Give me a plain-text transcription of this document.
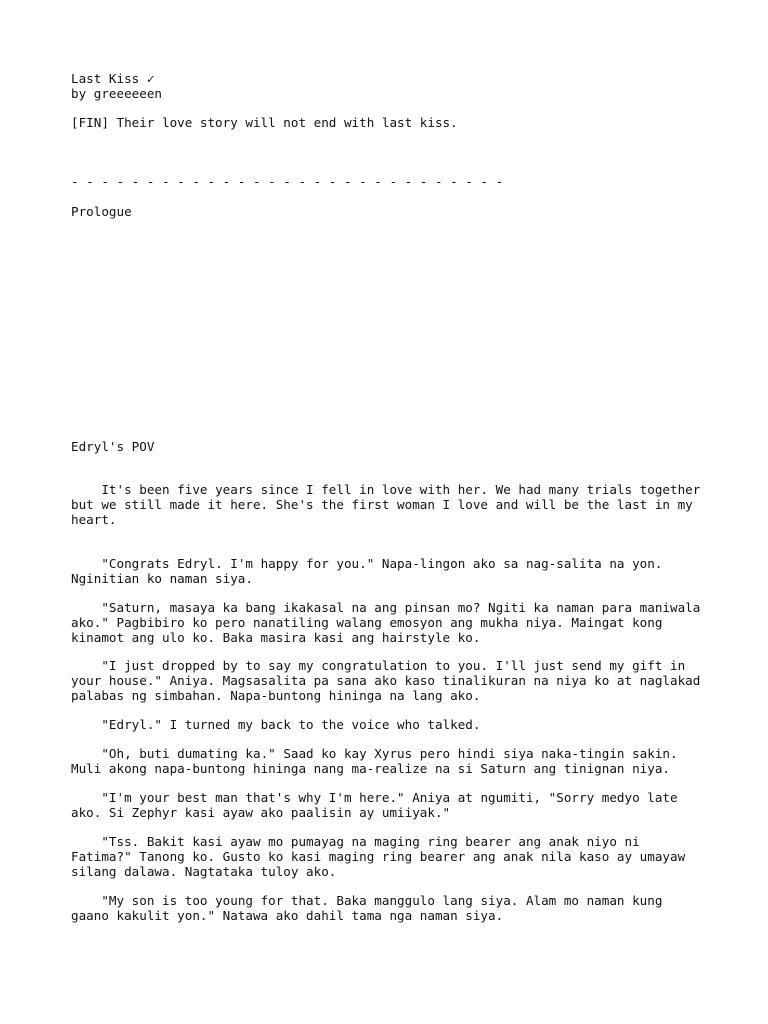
Last Kiss ✓
by greeeeeen
[FIN] Their love story will not end with last kiss.
- - - - - - - - - - - - - - - - - - - - - - - - - - - - -
Prologue
Edryl's POV
It's been five years since I fell in love with her. We had many trials together
but we still made it here. She's the first woman I love and will be the last in my
heart.
"Congrats Edryl. I'm happy for you." Napa-lingon ako sa nag-salita na yon.
Nginitian ko naman siya.
"Saturn, masaya ka bang ikakasal na ang pinsan mo? Ngiti ka naman para maniwala
ako." Pagbibiro ko pero nanatiling walang emosyon ang mukha niya. Maingat kong
kinamot ang ulo ko. Baka masira kasi ang hairstyle ko.
"I just dropped by to say my congratulation to you. I'll just send my gift in
your house." Aniya. Magsasalita pa sana ako kaso tinalikuran na niya ko at naglakad
palabas ng simbahan. Napa-buntong hininga na lang ako.
"Edryl." I turned my back to the voice who talked.
"Oh, buti dumating ka." Saad ko kay Xyrus pero hindi siya naka-tingin sakin.
Muli akong napa-buntong hininga nang ma-realize na si Saturn ang tinignan niya.
"I'm your best man that's why I'm here." Aniya at ngumiti, "Sorry medyo late
ako. Si Zephyr kasi ayaw ako paalisin ay umiiyak."
"Tss. Bakit kasi ayaw mo pumayag na maging ring bearer ang anak niyo ni
Fatima?" Tanong ko. Gusto ko kasi maging ring bearer ang anak nila kaso ay umayaw
silang dalawa. Nagtataka tuloy ako.
"My son is too young for that. Baka manggulo lang siya. Alam mo naman kung
gaano kakulit yon." Natawa ako dahil tama nga naman siya.
